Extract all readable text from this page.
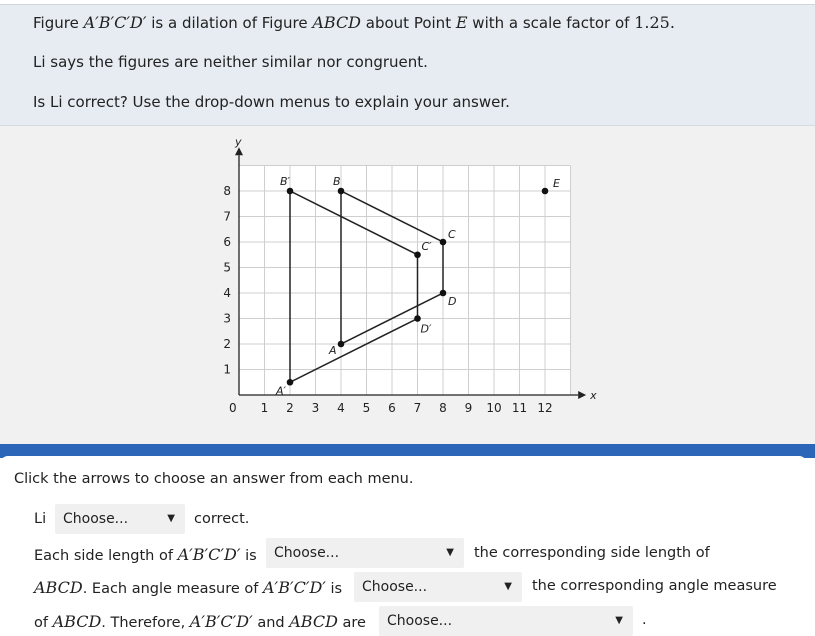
Figure A′B′C′D′ is a dilation of Figure ABCD about Point E with a scale factor of 1.25.

Li says the figures are neither similar nor congruent.

Is Li correct? Use the drop-down menus to explain your answer.

x
y
0 1 2 3 4 5 6 7 8 9 10 11 12
1
2
3
4
5
6
7
8
B′	B	E
C
C′
D
D′
A
A′
Click the arrows to choose an answer from each menu.
Li	Choose...	▼ correct.
Each side length of A′B′C′D′ is	Choose...	▼ the corresponding side length of
ABCD. Each angle measure of A′B′C′D′ is	Choose...	▼ the corresponding angle measure
of ABCD. Therefore, A′B′C′D′ and ABCD are	Choose...	▼ .
